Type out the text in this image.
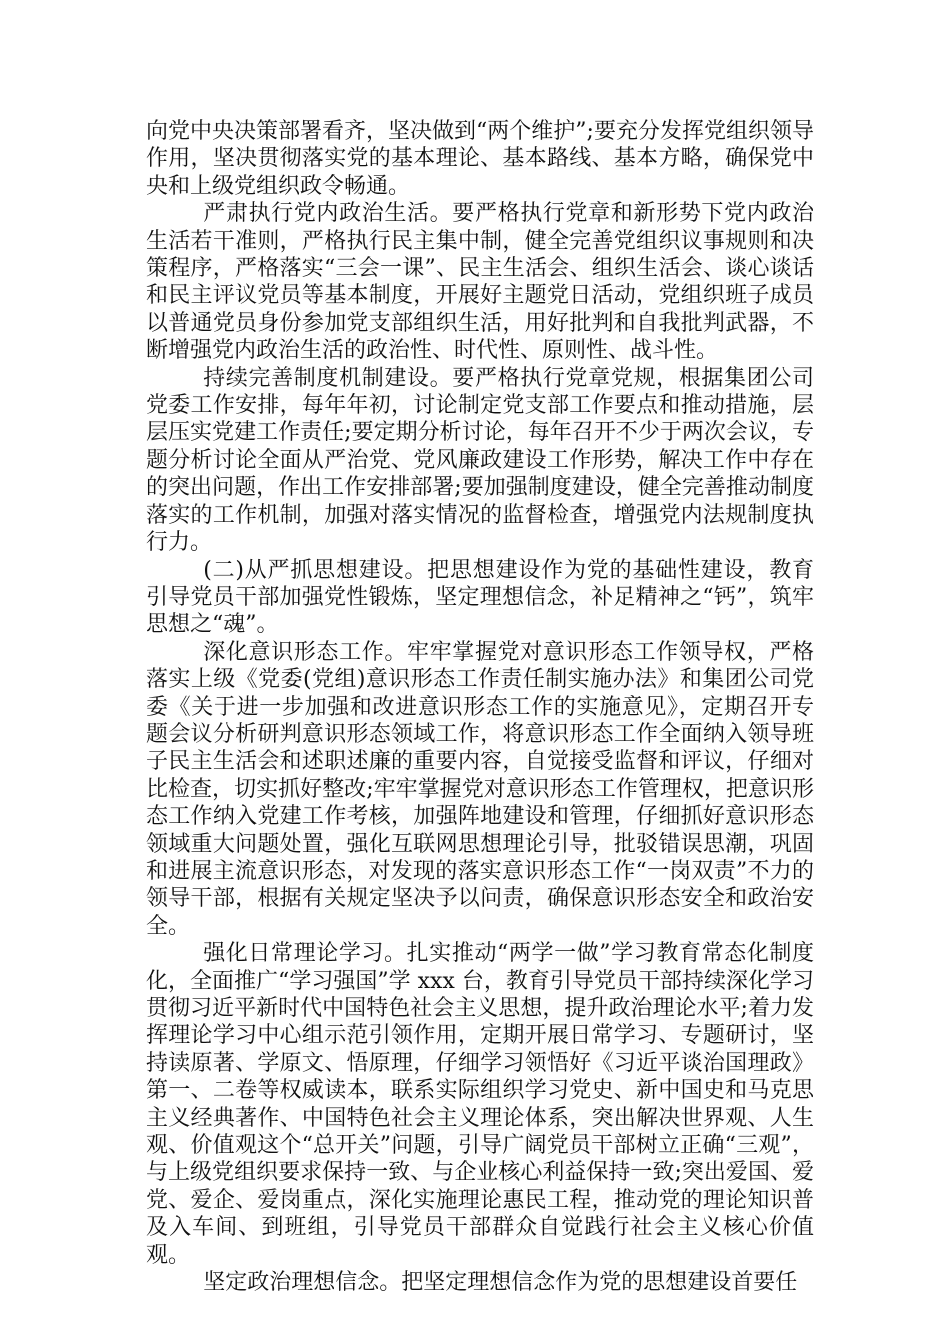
向党中央决策部署看齐，坚决做到“两个维护”;要充分发挥党组织领导作用，坚决贯彻落实党的基本理论、基本路线、基本方略，确保党中央和上级党组织政令畅通。

严肃执行党内政治生活。要严格执行党章和新形势下党内政治生活若干准则，严格执行民主集中制，健全完善党组织议事规则和决策程序，严格落实“三会一课”、民主生活会、组织生活会、谈心谈话和民主评议党员等基本制度，开展好主题党日活动，党组织班子成员以普通党员身份参加党支部组织生活，用好批判和自我批判武器，不断增强党内政治生活的政治性、时代性、原则性、战斗性。

持续完善制度机制建设。要严格执行党章党规，根据集团公司党委工作安排，每年年初，讨论制定党支部工作要点和推动措施，层层压实党建工作责任;要定期分析讨论，每年召开不少于两次会议，专题分析讨论全面从严治党、党风廉政建设工作形势，解决工作中存在的突出问题，作出工作安排部署;要加强制度建设，健全完善推动制度落实的工作机制，加强对落实情况的监督检查，增强党内法规制度执行力。

(二)从严抓思想建设。把思想建设作为党的基础性建设，教育引导党员干部加强党性锻炼，坚定理想信念，补足精神之“钙”，筑牢思想之“魂”。

深化意识形态工作。牢牢掌握党对意识形态工作领导权，严格落实上级《党委(党组)意识形态工作责任制实施办法》和集团公司党委《关于进一步加强和改进意识形态工作的实施意见》，定期召开专题会议分析研判意识形态领域工作，将意识形态工作全面纳入领导班子民主生活会和述职述廉的重要内容，自觉接受监督和评议，仔细对比检查，切实抓好整改;牢牢掌握党对意识形态工作管理权，把意识形态工作纳入党建工作考核，加强阵地建设和管理，仔细抓好意识形态领域重大问题处置，强化互联网思想理论引导，批驳错误思潮，巩固和进展主流意识形态，对发现的落实意识形态工作“一岗双责”不力的领导干部，根据有关规定坚决予以问责，确保意识形态安全和政治安全。

强化日常理论学习。扎实推动“两学一做”学习教育常态化制度化，全面推广“学习强国”学 xxx 台，教育引导党员干部持续深化学习贯彻习近平新时代中国特色社会主义思想，提升政治理论水平;着力发挥理论学习中心组示范引领作用，定期开展日常学习、专题研讨，坚持读原著、学原文、悟原理，仔细学习领悟好《习近平谈治国理政》第一、二卷等权威读本，联系实际组织学习党史、新中国史和马克思主义经典著作、中国特色社会主义理论体系，突出解决世界观、人生观、价值观这个“总开关”问题，引导广阔党员干部树立正确“三观”，与上级党组织要求保持一致、与企业核心利益保持一致;突出爱国、爱党、爱企、爱岗重点，深化实施理论惠民工程，推动党的理论知识普及入车间、到班组，引导党员干部群众自觉践行社会主义核心价值观。

坚定政治理想信念。把坚定理想信念作为党的思想建设首要任
